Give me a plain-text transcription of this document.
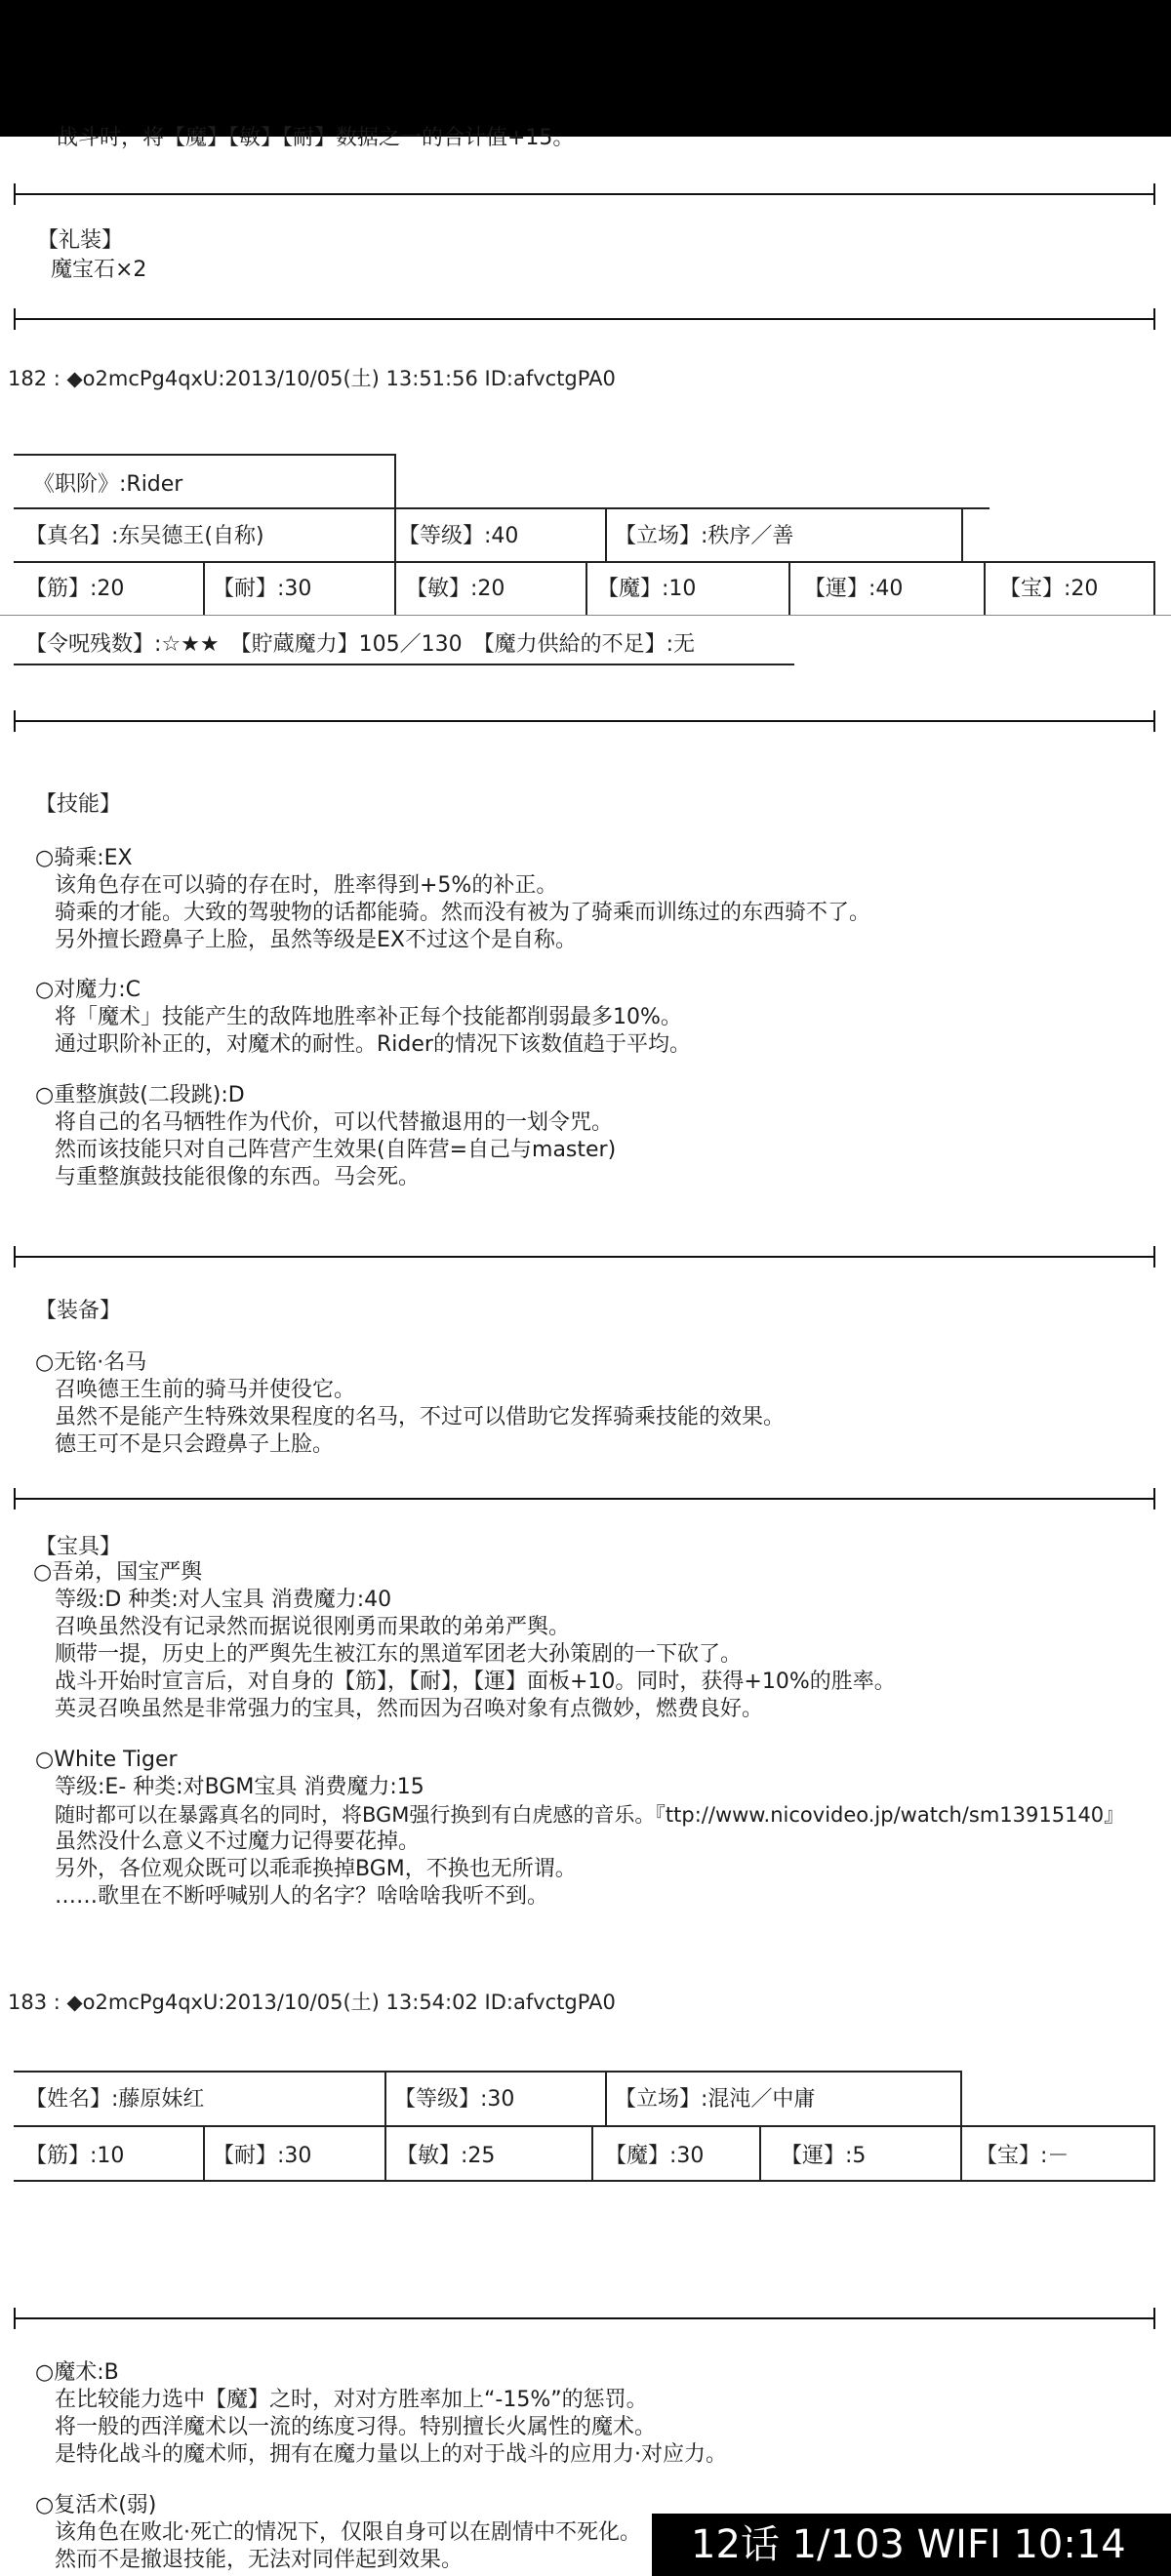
战斗时，将【魔】【敏】【耐】数据之一的合计值+15。
【礼装】
魔宝石×2
182 : ◆o2mcPg4qxU:2013/10/05(土) 13:51:56 ID:afvctgPA0
《职阶》:Rider
【真名】:东吴德王(自称)	【等级】:40	【立场】:秩序／善
【筋】:20	【耐】:30	【敏】:20	【魔】:10	【運】:40	【宝】:20
【令呪残数】:☆★★　【貯蔵魔力】105／130　【魔力供給的不足】:无
【技能】
○骑乘:EX
该角色存在可以骑的存在时，胜率得到+5%的补正。
骑乘的才能。大致的驾驶物的话都能骑。然而没有被为了骑乘而训练过的东西骑不了。
另外擅长蹬鼻子上脸，虽然等级是EX不过这个是自称。
○对魔力:C
将「魔术」技能产生的敌阵地胜率补正每个技能都削弱最多10%。
通过职阶补正的，对魔术的耐性。Rider的情况下该数值趋于平均。
○重整旗鼓(二段跳):D
将自己的名马牺牲作为代价，可以代替撤退用的一划令咒。
然而该技能只对自己阵营产生效果(自阵营=自己与master)
与重整旗鼓技能很像的东西。马会死。
【装备】
○无铭·名马
召唤德王生前的骑马并使役它。
虽然不是能产生特殊效果程度的名马，不过可以借助它发挥骑乘技能的效果。
德王可不是只会蹬鼻子上脸。
【宝具】
○吾弟，国宝严舆
等级:D 种类:对人宝具 消费魔力:40
召唤虽然没有记录然而据说很刚勇而果敢的弟弟严舆。
顺带一提，历史上的严舆先生被江东的黑道军团老大孙策剧的一下砍了。
战斗开始时宣言后，对自身的【筋】，【耐】，【運】面板+10。同时，获得+10%的胜率。
英灵召唤虽然是非常强力的宝具，然而因为召唤对象有点微妙，燃费良好。
○White Tiger
等级:E- 种类:对BGM宝具 消费魔力:15
随时都可以在暴露真名的同时，将BGM强行换到有白虎感的音乐。『ttp://www.nicovideo.jp/watch/sm13915140』
虽然没什么意义不过魔力记得要花掉。
另外，各位观众既可以乖乖换掉BGM，不换也无所谓。
……歌里在不断呼喊别人的名字？啥啥啥我听不到。
183 : ◆o2mcPg4qxU:2013/10/05(土) 13:54:02 ID:afvctgPA0
【姓名】:藤原妹红	【等级】:30	【立场】:混沌／中庸
【筋】:10	【耐】:30	【敏】:25	【魔】:30	【運】:5	【宝】:－
○魔术:B
在比较能力选中【魔】之时，对对方胜率加上“-15%”的惩罚。
将一般的西洋魔术以一流的练度习得。特别擅长火属性的魔术。
是特化战斗的魔术师，拥有在魔力量以上的对于战斗的应用力·对应力。
○复活术(弱)
该角色在败北·死亡的情况下，仅限自身可以在剧情中不死化。
然而不是撤退技能，无法对同伴起到效果。	12话 1/103 WIFI 10:14
